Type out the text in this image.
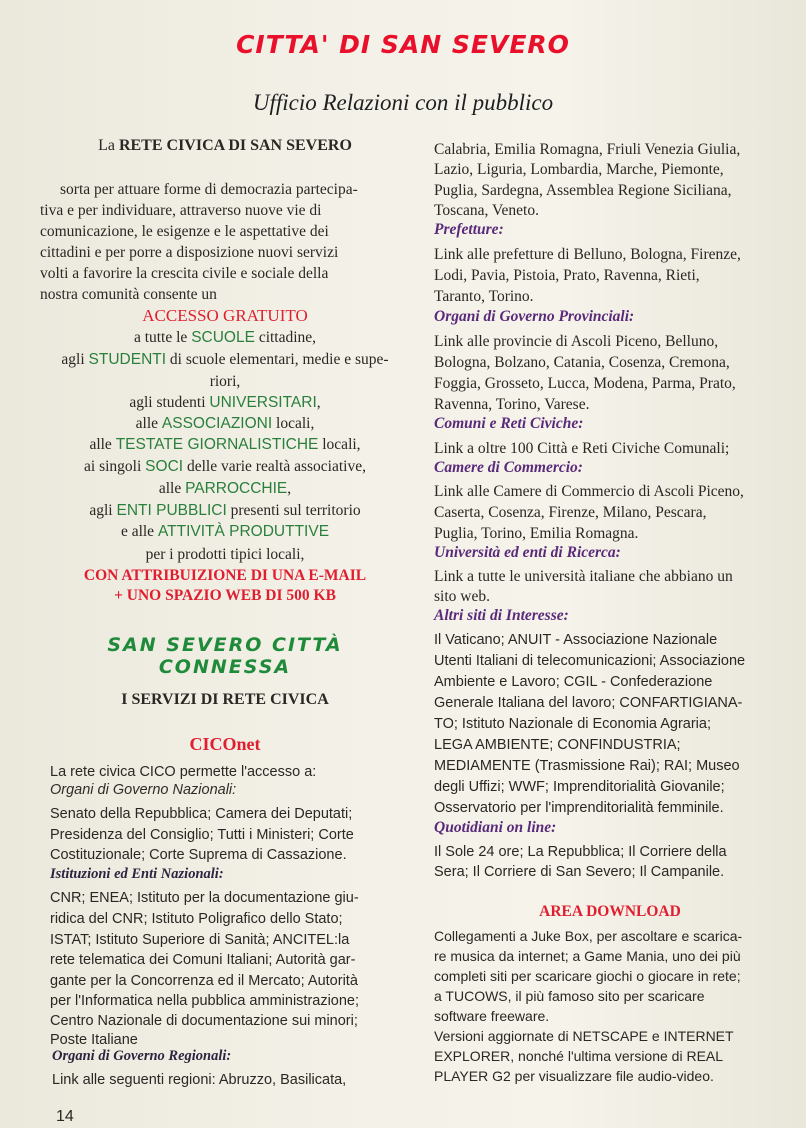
CITTA' DI SAN SEVERO
Ufficio Relazioni con il pubblico
La RETE CIVICA DI SAN SEVERO
sorta per attuare forme di democrazia partecipa-
tiva e per individuare, attraverso nuove vie di
comunicazione, le esigenze e le aspettative dei
cittadini e per porre a disposizione nuovi servizi
volti a favorire la crescita civile e sociale della
nostra comunità consente un
ACCESSO GRATUITO
a tutte le SCUOLE cittadine,
agli STUDENTI di scuole elementari, medie e supe-
riori,
agli studenti UNIVERSITARI,
alle ASSOCIAZIONI locali,
alle TESTATE GIORNALISTICHE locali,
ai singoli SOCI delle varie realtà associative,
alle PARROCCHIE,
agli ENTI PUBBLICI presenti sul territorio
e alle ATTIVITÀ PRODUTTIVE
per i prodotti tipici locali,
CON ATTRIBUIZIONE DI UNA E-MAIL
+ UNO SPAZIO WEB DI 500 KB
SAN SEVERO CITTÀ CONNESSA
I SERVIZI DI RETE CIVICA
CICOnet
La rete civica CICO permette l'accesso a:
Organi di Governo Nazionali:
Senato della Repubblica; Camera dei Deputati;
Presidenza del Consiglio; Tutti i Ministeri; Corte
Costituzionale; Corte Suprema di Cassazione.
Istituzioni ed Enti Nazionali:
CNR; ENEA; Istituto per la documentazione giu-
ridica del CNR; Istituto Poligrafico dello Stato;
ISTAT; Istituto Superiore di Sanità; ANCITEL:la
rete telematica dei Comuni Italiani; Autorità gar-
gante per la Concorrenza ed il Mercato; Autorità
per l'Informatica nella pubblica amministrazione;
Centro Nazionale di documentazione sui minori;
Poste Italiane
Organi di Governo Regionali:
Link alle seguenti regioni: Abruzzo, Basilicata,
14
Calabria, Emilia Romagna, Friuli Venezia Giulia,
Lazio, Liguria, Lombardia, Marche, Piemonte,
Puglia, Sardegna, Assemblea Regione Siciliana,
Toscana, Veneto.
Prefetture:
Link alle prefetture di Belluno, Bologna, Firenze,
Lodi, Pavia, Pistoia, Prato, Ravenna, Rieti,
Taranto, Torino.
Organi di Governo Provinciali:
Link alle provincie di Ascoli Piceno, Belluno,
Bologna, Bolzano, Catania, Cosenza, Cremona,
Foggia, Grosseto, Lucca, Modena, Parma, Prato,
Ravenna, Torino, Varese.
Comuni e Reti Civiche:
Link a oltre 100 Città e Reti Civiche Comunali;
Camere di Commercio:
Link alle Camere di Commercio di Ascoli Piceno,
Caserta, Cosenza, Firenze, Milano, Pescara,
Puglia, Torino, Emilia Romagna.
Università ed enti di Ricerca:
Link a tutte le università italiane che abbiano un
sito web.
Altri siti di Interesse:
Il Vaticano; ANUIT - Associazione Nazionale
Utenti Italiani di telecomunicazioni; Associazione
Ambiente e Lavoro; CGIL - Confederazione
Generale Italiana del lavoro; CONFARTIGIANA-
TO; Istituto Nazionale di Economia Agraria;
LEGA AMBIENTE; CONFINDUSTRIA;
MEDIAMENTE (Trasmissione Rai); RAI; Museo
degli Uffizi; WWF; Imprenditorialità Giovanile;
Osservatorio per l'imprenditorialità femminile.
Quotidiani on line:
Il Sole 24 ore; La Repubblica; Il Corriere della
Sera; Il Corriere di San Severo; Il Campanile.
AREA DOWNLOAD
Collegamenti a Juke Box, per ascoltare e scarica-
re musica da internet; a Game Mania, uno dei più
completi siti per scaricare giochi o giocare in rete;
a TUCOWS, il più famoso sito per scaricare
software freeware.
Versioni aggiornate di NETSCAPE e INTERNET
EXPLORER, nonché l'ultima versione di REAL
PLAYER G2 per visualizzare file audio-video.
